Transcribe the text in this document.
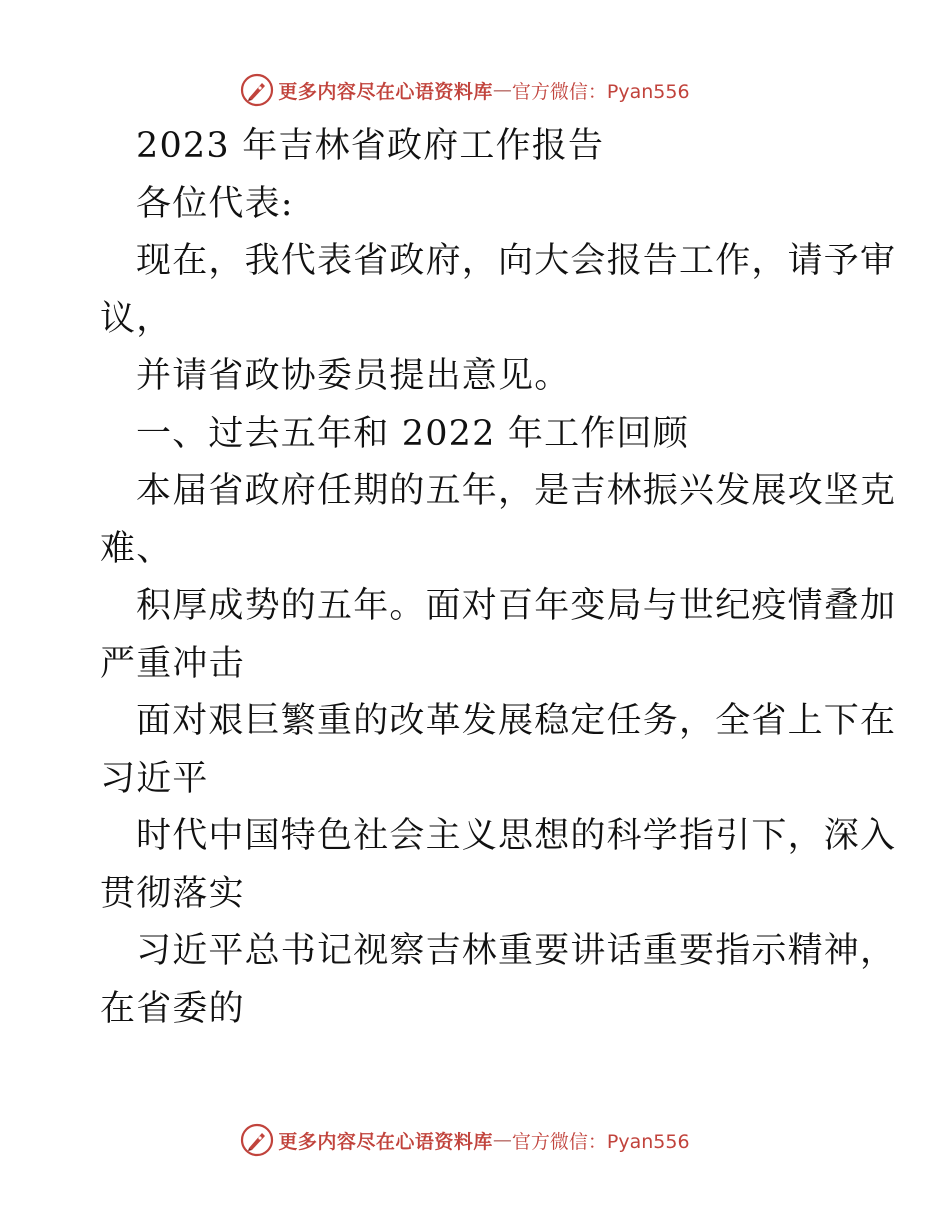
更多内容尽在心语资料库 — 官方微信：Pyan556
2023 年吉林省政府工作报告
各位代表:
现在，我代表省政府，向大会报告工作，请予审
议，
并请省政协委员提出意见。
一、过去五年和 2022 年工作回顾
本届省政府任期的五年，是吉林振兴发展攻坚克
难、
积厚成势的五年。面对百年变局与世纪疫情叠加
严重冲击
面对艰巨繁重的改革发展稳定任务，全省上下在
习近平
时代中国特色社会主义思想的科学指引下，深入
贯彻落实
习近平总书记视察吉林重要讲话重要指示精神，
在省委的
更多内容尽在心语资料库 — 官方微信：Pyan556
